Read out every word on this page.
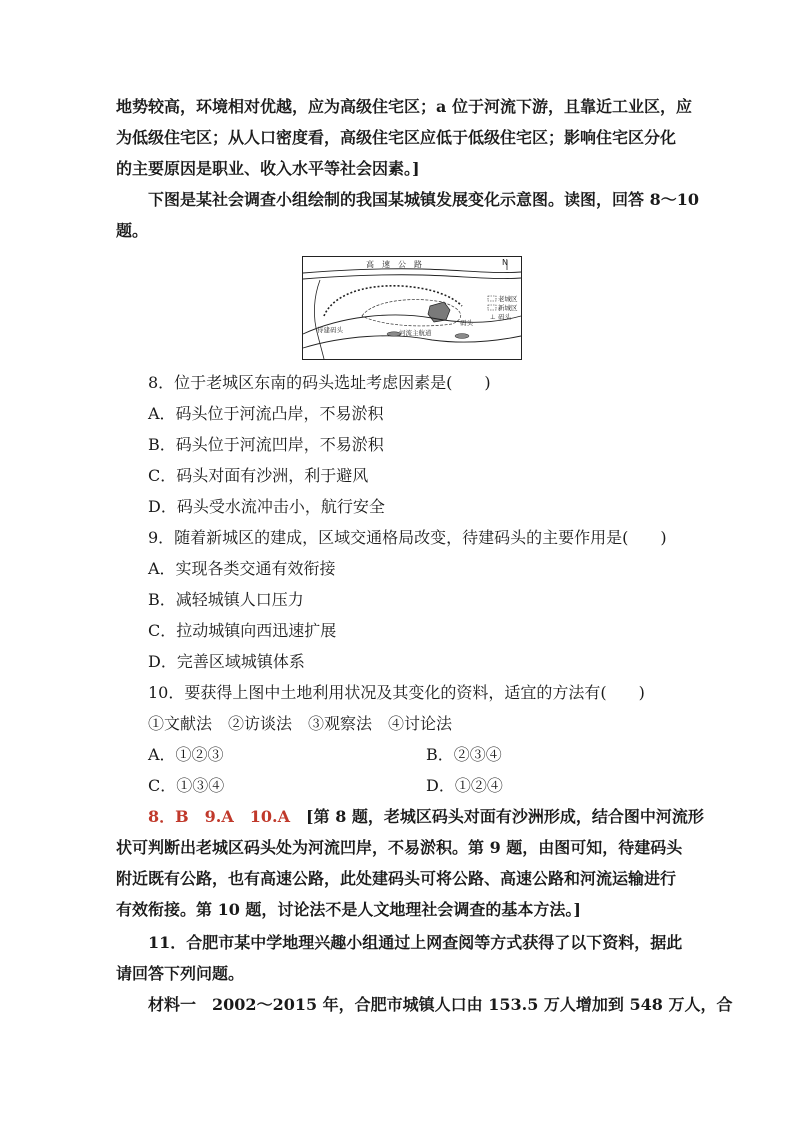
地势较高，环境相对优越，应为高级住宅区；a 位于河流下游，且靠近工业区，应
为低级住宅区；从人口密度看，高级住宅区应低于低级住宅区；影响住宅区分化
的主要原因是职业、收入水平等社会因素。]
下图是某社会调查小组绘制的我国某城镇发展变化示意图。读图，回答 8～10
题。
高　速　公　路	N
待建码头	河流主航道
码头
老城区
新城区
⊥ 码头
8．位于老城区东南的码头选址考虑因素是(　　)
A．码头位于河流凸岸，不易淤积
B．码头位于河流凹岸，不易淤积
C．码头对面有沙洲，利于避风
D．码头受水流冲击小，航行安全
9．随着新城区的建成，区域交通格局改变，待建码头的主要作用是(　　)
A．实现各类交通有效衔接
B．减轻城镇人口压力
C．拉动城镇向西迅速扩展
D．完善区域城镇体系
10．要获得上图中土地利用状况及其变化的资料，适宜的方法有(　　)
①文献法　②访谈法　③观察法　④讨论法
A．①②③	B．②③④
C．①③④	D．①②④
8．B　9.A　10.A　 [第 8 题，老城区码头对面有沙洲形成，结合图中河流形
状可判断出老城区码头处为河流凹岸，不易淤积。第 9 题，由图可知，待建码头
附近既有公路，也有高速公路，此处建码头可将公路、高速公路和河流运输进行
有效衔接。第 10 题，讨论法不是人文地理社会调查的基本方法。]
11．合肥市某中学地理兴趣小组通过上网查阅等方式获得了以下资料，据此
请回答下列问题。
材料一　 2002～2015 年，合肥市城镇人口由 153.5 万人增加到 548 万人，合
